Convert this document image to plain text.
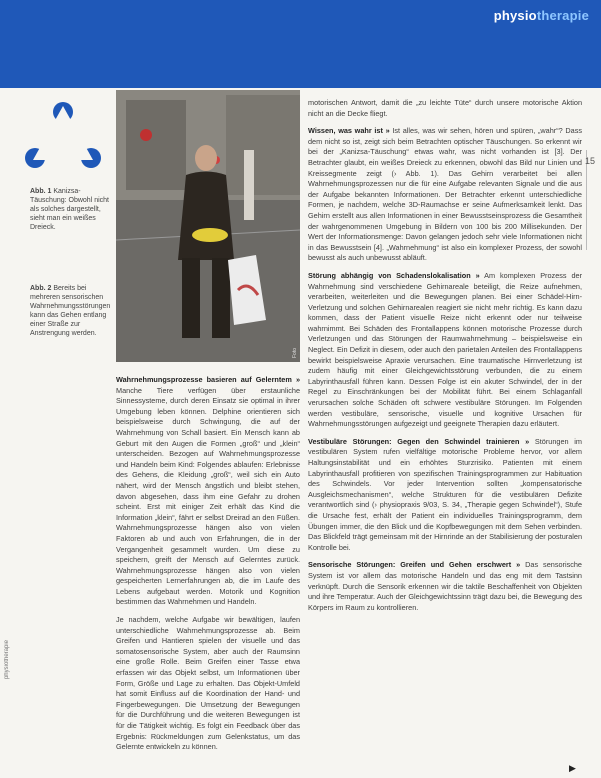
physiotherapie
15
Abb. 1 Kanizsa-Täuschung: Obwohl nicht als solches dargestellt, sieht man ein weißes Dreieck.
Abb. 2 Bereits bei mehreren sensorischen Wahrnehmungsstörungen kann das Gehen entlang einer Straße zur Anstrengung werden.
Foto

Wahrnehmungsprozesse basieren auf Gelerntem » Manche Tiere verfügen über erstaunliche Sinnessysteme, durch deren Einsatz sie optimal in ihrer Umgebung leben können. Delphine orientieren sich beispielsweise durch Schwingung, die auf der Wahrnehmung von Schall basiert. Ein Mensch kann ab Geburt mit den Augen die Formen „groß“ und „klein“ unterscheiden. Bezogen auf Wahrnehmungsprozesse und Handeln beim Kind: Folgendes ablaufen: Erlebnisse des Gehens, die Kleidung „groß“, weil sich ein Auto nähert, wird der Mensch ängstlich und bleibt stehen, davon abgesehen, dass ihm eine Gefahr zu drohen scheint. Erst mit einiger Zeit erhält das Kind die Information „klein“, fährt er selbst Dreirad an den Füßen. Wahrnehmungsprozesse hängen also von vielen Faktoren ab und auch von Erfahrungen, die in der Vergangenheit gesammelt wurden. Um diese zu speichern, greift der Mensch auf Gelerntes zurück. Wahrnehmungsprozesse hängen also von vielen gespeicherten Lernerfahrungen ab, die im Laufe des Lebens aufgebaut werden. Motorik und Kognition bestimmen das Wahrnehmen und Handeln.

Je nachdem, welche Aufgabe wir bewältigen, laufen unterschiedliche Wahrnehmungsprozesse ab. Beim Greifen und Hantieren spielen der visuelle und das somatosensorische System, aber auch der Raumsinn eine große Rolle. Beim Greifen einer Tasse etwa erfassen wir das Objekt selbst, um Informationen über Form, Größe und Lage zu erhalten. Das Objekt-Umfeld hat somit Einfluss auf die Koordination der Hand- und Fingerbewegungen. Die Umsetzung der Bewegungen für die Durchführung und die weiteren Bewegungen ist für die Tätigkeit wichtig. Es folgt ein Feedback über das Ergebnis: Rückmeldungen zum Gelenkstatus, um das Gelernte entwickeln zu können.

motorischen Antwort, damit die „zu leichte Tüte“ durch unsere motorische Aktion nicht an die Decke fliegt.

Wissen, was wahr ist » Ist alles, was wir sehen, hören und spüren, „wahr“? Dass dem nicht so ist, zeigt sich beim Betrachten optischer Täuschungen. So erkennt wir bei der „Kanizsa-Täuschung“ etwas wahr, was nicht vorhanden ist [3]. Der Betrachter glaubt, ein weißes Dreieck zu erkennen, obwohl das Bild nur Linien und Kreissegmente zeigt (› Abb. 1). Das Gehirn verarbeitet bei allen Wahrnehmungsprozessen nur die für eine Aufgabe relevanten Signale und die aus der Aufgabe bekannten Informationen. Der Betrachter erkennt unterschiedliche Formen, je nachdem, welche 3D-Raumachse er seine Aufmerksamkeit lenkt. Das Gehirn erstellt aus allen Informationen in einer Bewusstseinsprozess die Gesamtheit der wahrgenommenen Umgebung in Bildern von 100 bis 200 Millisekunden. Der Wert der Informationsmenge: Davon gelangen jedoch sehr viele Informationen nicht in das Bewusstsein [4]. „Wahrnehmung“ ist also ein komplexer Prozess, der sowohl bewusst als auch unbewusst abläuft.

Störung abhängig von Schadenslokalisation » Am komplexen Prozess der Wahrnehmung sind verschiedene Gehirnareale beteiligt, die Reize aufnehmen, verarbeiten, weiterleiten und die Bewegungen planen. Bei einer Schädel-Hirn-Verletzung und solchen Gehirnarealen reagiert sie nicht mehr richtig. Es kann dazu kommen, dass der Patient visuelle Reize nicht erkennt oder nur teilweise wahrnimmt. Bei Schäden des Frontallappens können motorische Prozesse durch Verletzungen und das Störungen der Raumwahrnehmung – beispielsweise ein Neglect. Ein Defizit in diesem, oder auch den parietalen Anteilen des Frontallappens bewirkt beispielsweise Apraxie verursachen. Eine traumatische Hirnverletzung ist zudem häufig mit einer Gleichgewichtsstörung verbunden, die zu einem Labyrinthausfall führen kann. Dessen Folge ist ein akuter Schwindel, der in der Regel zu Einschränkungen bei der Mobilität führt. Bei einem Schlaganfall verursachen solche Schäden oft schwere vestibuläre Störungen. Im Folgenden werden vestibuläre, sensorische, visuelle und kognitive Ursachen für Wahrnehmungsstörungen aufgezeigt und geeignete Therapien dazu erläutert.

Vestibuläre Störungen: Gegen den Schwindel trainieren » Störungen im vestibulären System rufen vielfältige motorische Probleme hervor, vor allem Haltungsinstabilität und ein erhöhtes Sturzrisiko. Patienten mit einem Labyrinthausfall profitieren von spezifischen Trainingsprogrammen zur Habituation des Schwindels. Vor jeder Intervention sollten „kompensatorische Ausgleichsmechanismen“, welche Strukturen für die vestibulären Defizite verantwortlich sind (› physiopraxis 9/03, S. 34, „Therapie gegen Schwindel“), Stufe die Ursache fest, erhält der Patient ein individuelles Trainingsprogramm, dem Übungen immer, die den Blick und die Kopfbewegungen mit dem Sehen verbinden. Das Blickfeld trägt gemeinsam mit der Hirnrinde an der Stabilisierung der posturalen Kontrolle bei.

Sensorische Störungen: Greifen und Gehen erschwert » Das sensorische System ist vor allem das motorische Handeln und das eng mit dem Tastsinn verknüpft. Durch die Sensorik erkennen wir die taktile Beschaffenheit von Objekten und ihre Temperatur. Auch der Gleichgewichtssinn trägt dazu bei, die Bewegung des Körpers im Raum zu kontrollieren.

physiotherapie
▶
